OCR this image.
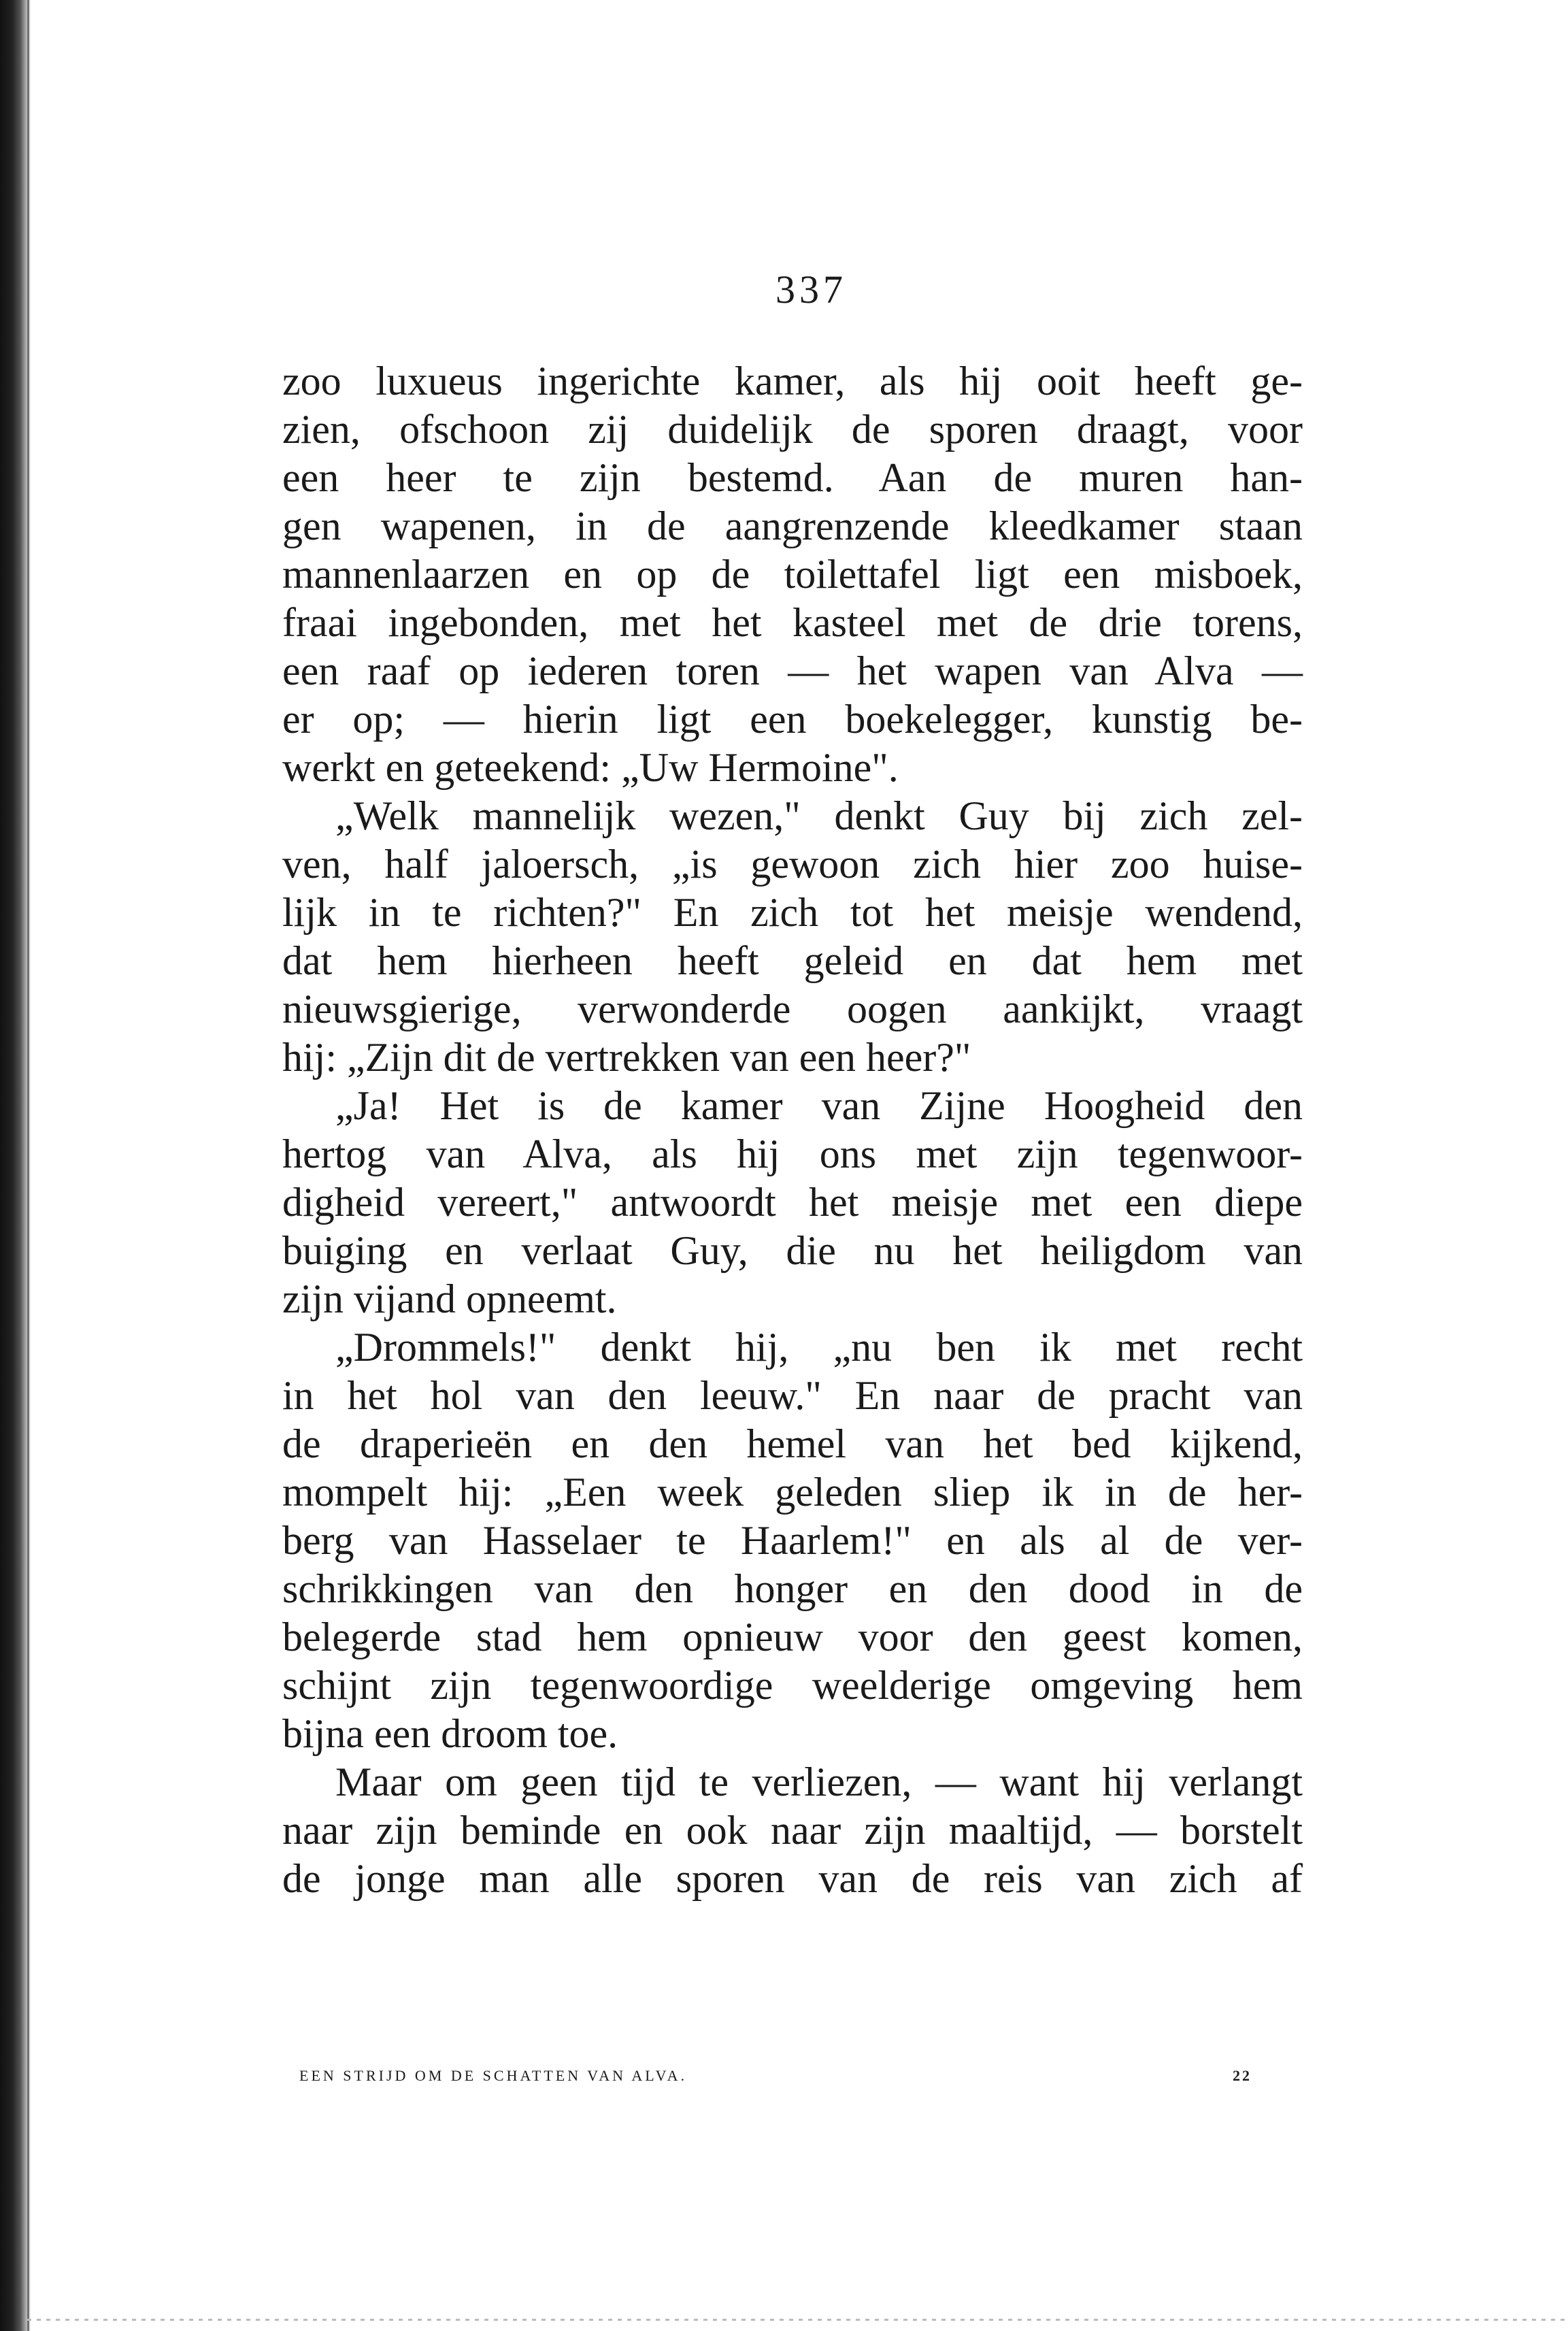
337
zoo luxueus ingerichte kamer, als hij ooit heeft ge-
zien, ofschoon zij duidelijk de sporen draagt, voor
een heer te zijn bestemd. Aan de muren han-
gen wapenen, in de aangrenzende kleedkamer staan
mannenlaarzen en op de toilettafel ligt een misboek,
fraai ingebonden, met het kasteel met de drie torens,
een raaf op iederen toren — het wapen van Alva —
er op; — hierin ligt een boekelegger, kunstig be-
werkt en geteekend: „Uw Hermoine".
„Welk mannelijk wezen," denkt Guy bij zich zel-
ven, half jaloersch, „is gewoon zich hier zoo huise-
lijk in te richten?" En zich tot het meisje wendend,
dat hem hierheen heeft geleid en dat hem met
nieuwsgierige, verwonderde oogen aankijkt, vraagt
hij: „Zijn dit de vertrekken van een heer?"
„Ja! Het is de kamer van Zijne Hoogheid den
hertog van Alva, als hij ons met zijn tegenwoor-
digheid vereert," antwoordt het meisje met een diepe
buiging en verlaat Guy, die nu het heiligdom van
zijn vijand opneemt.
„Drommels!" denkt hij, „nu ben ik met recht
in het hol van den leeuw." En naar de pracht van
de draperieën en den hemel van het bed kijkend,
mompelt hij: „Een week geleden sliep ik in de her-
berg van Hasselaer te Haarlem!" en als al de ver-
schrikkingen van den honger en den dood in de
belegerde stad hem opnieuw voor den geest komen,
schijnt zijn tegenwoordige weelderige omgeving hem
bijna een droom toe.
Maar om geen tijd te verliezen, — want hij verlangt
naar zijn beminde en ook naar zijn maaltijd, — borstelt
de jonge man alle sporen van de reis van zich af
EEN STRIJD OM DE SCHATTEN VAN ALVA.	22
